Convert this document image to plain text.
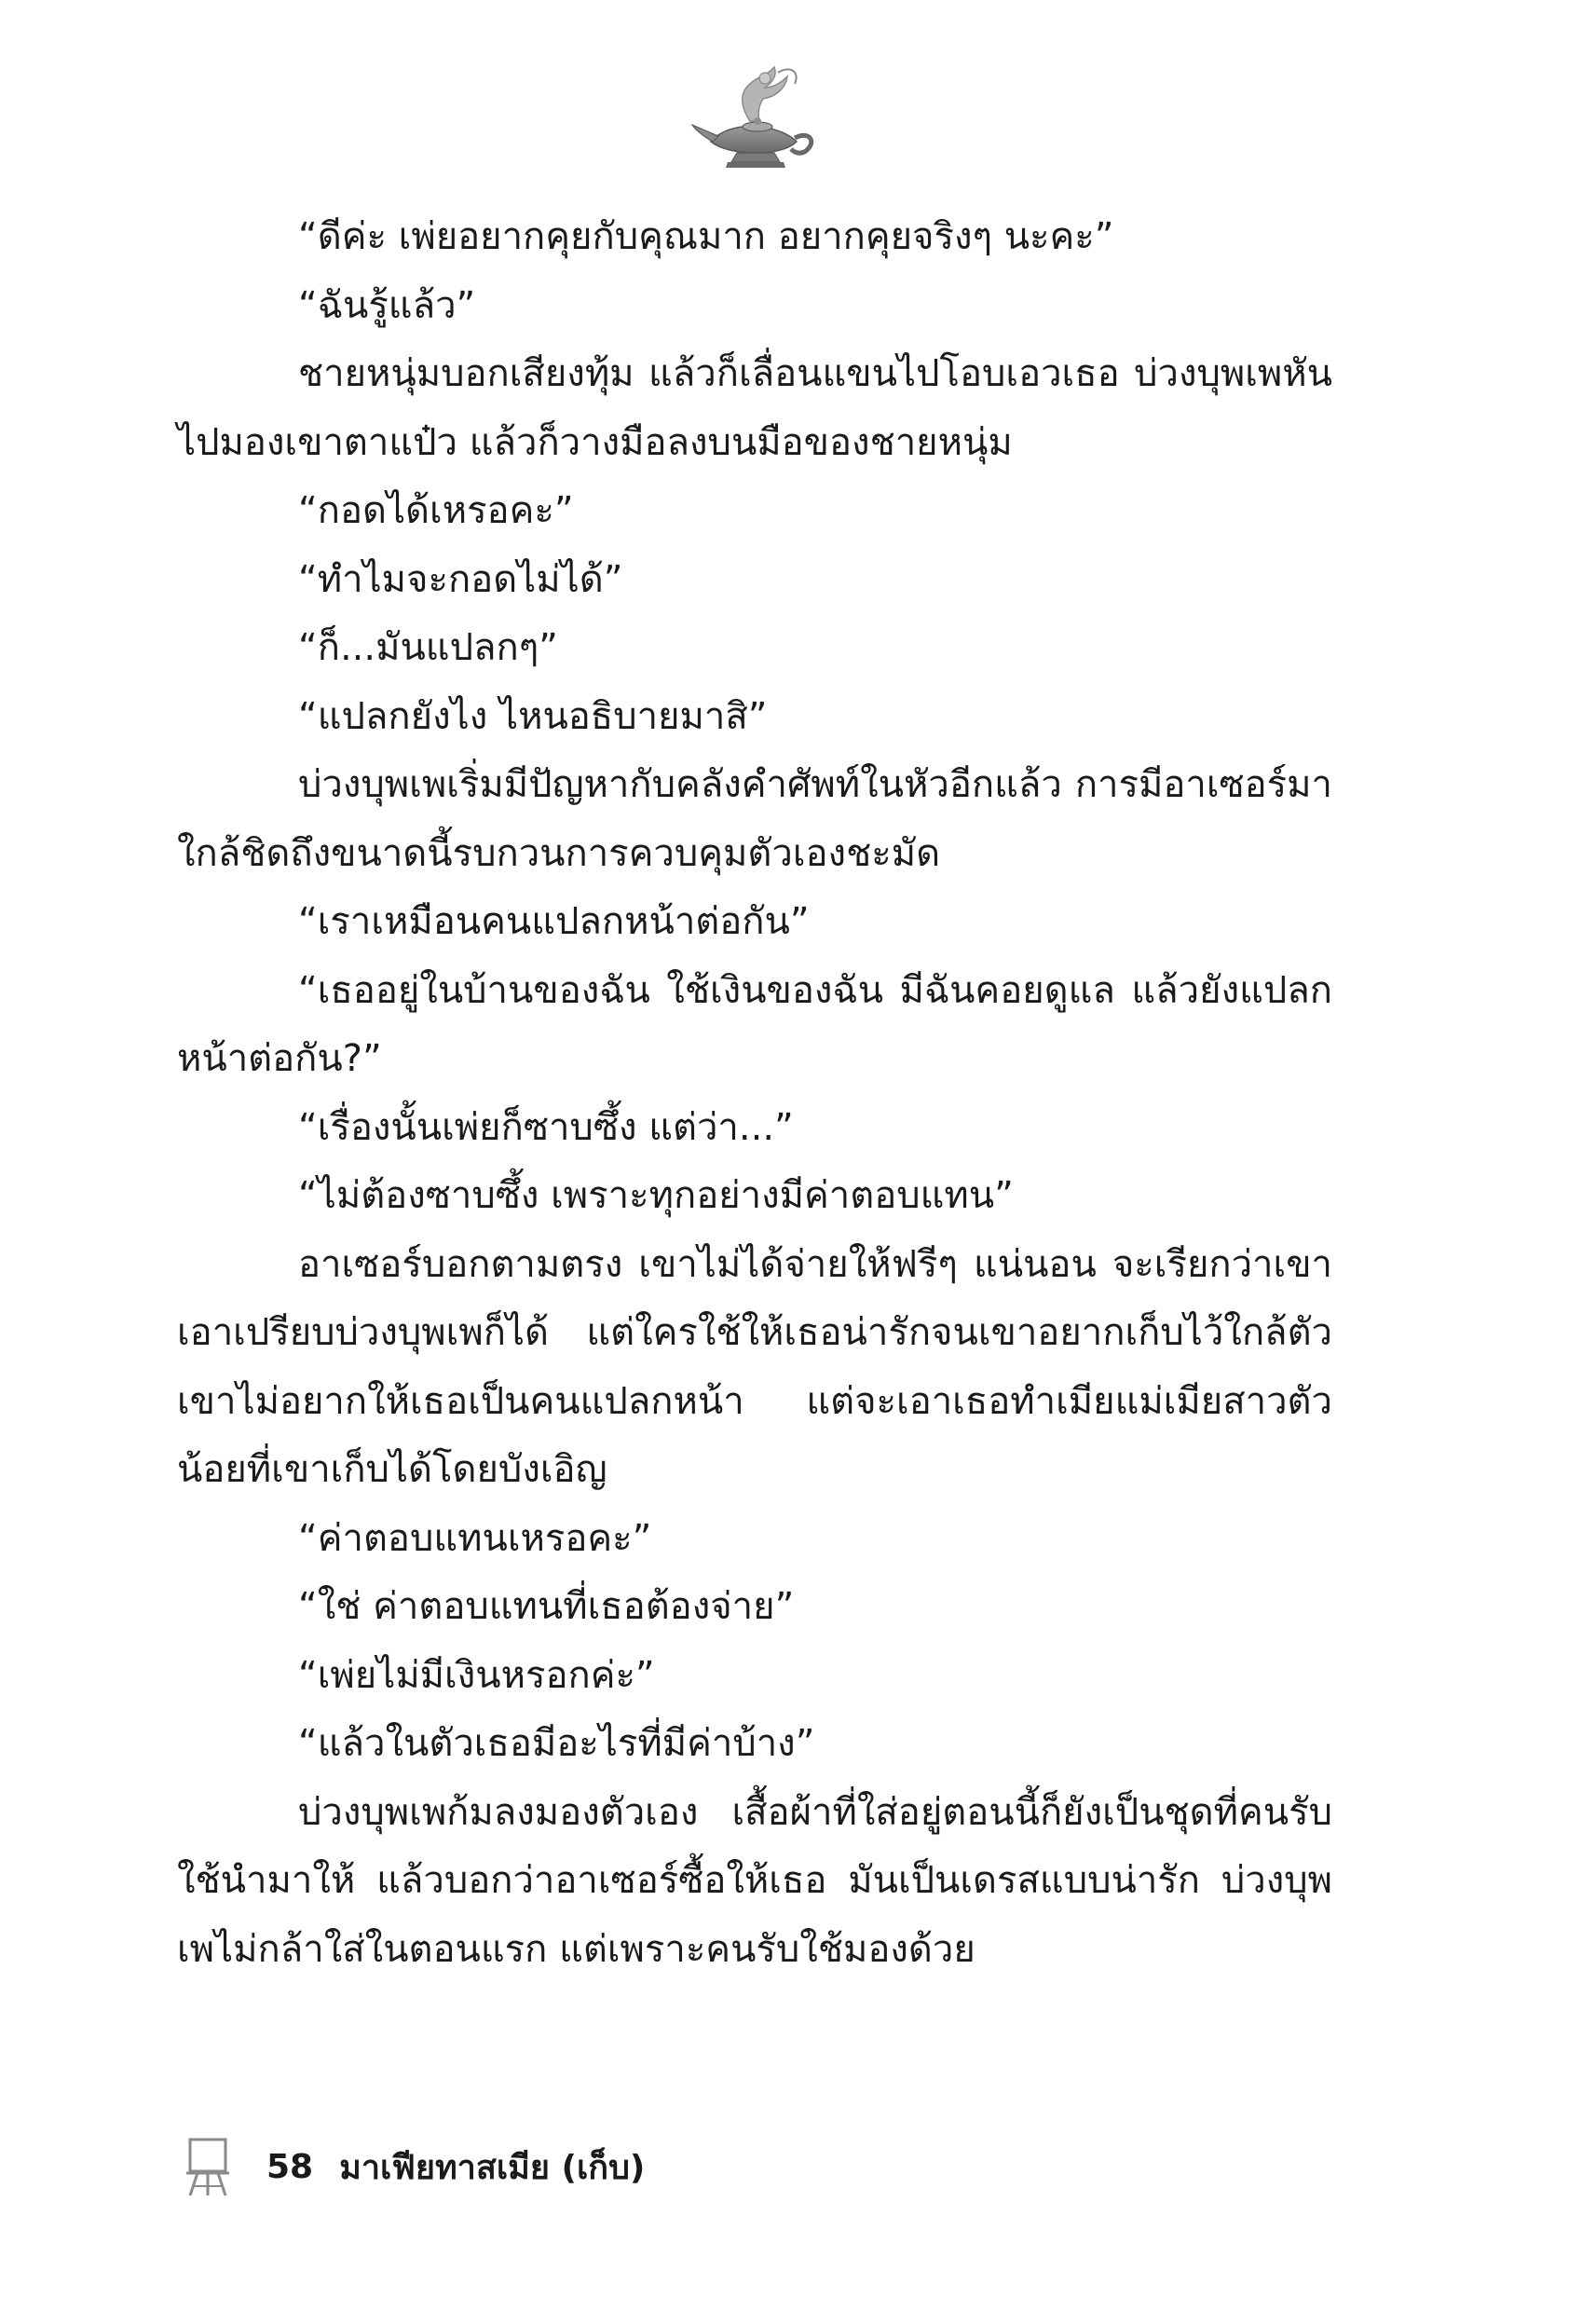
“ดีค่ะ เพ่ยอยากคุยกับคุณมาก อยากคุยจริงๆ นะคะ”

“ฉันรู้แล้ว”

ชายหนุ่มบอกเสียงทุ้ม แล้วก็เลื่อนแขนไปโอบเอวเธอ บ่วงบุพเพหันไปมองเขาตาแป๋ว แล้วก็วางมือลงบนมือของชายหนุ่ม

“กอดได้เหรอคะ”

“ทำไมจะกอดไม่ได้”

“ก็...มันแปลกๆ”

“แปลกยังไง ไหนอธิบายมาสิ”

บ่วงบุพเพเริ่มมีปัญหากับคลังคำศัพท์ในหัวอีกแล้ว การมีอาเซอร์มาใกล้ชิดถึงขนาดนี้รบกวนการควบคุมตัวเองชะมัด

“เราเหมือนคนแปลกหน้าต่อกัน”

“เธออยู่ในบ้านของฉัน ใช้เงินของฉัน มีฉันคอยดูแล แล้วยังแปลกหน้าต่อกัน?”

“เรื่องนั้นเพ่ยก็ซาบซึ้ง แต่ว่า...”

“ไม่ต้องซาบซึ้ง เพราะทุกอย่างมีค่าตอบแทน”

อาเซอร์บอกตามตรง เขาไม่ได้จ่ายให้ฟรีๆ แน่นอน จะเรียกว่าเขาเอาเปรียบบ่วงบุพเพก็ได้ แต่ใครใช้ให้เธอน่ารักจนเขาอยากเก็บไว้ใกล้ตัว เขาไม่อยากให้เธอเป็นคนแปลกหน้า แต่จะเอาเธอทำเมียแม่เมียสาวตัวน้อยที่เขาเก็บได้โดยบังเอิญ

“ค่าตอบแทนเหรอคะ”

“ใช่ ค่าตอบแทนที่เธอต้องจ่าย”

“เพ่ยไม่มีเงินหรอกค่ะ”

“แล้วในตัวเธอมีอะไรที่มีค่าบ้าง”

บ่วงบุพเพก้มลงมองตัวเอง เสื้อผ้าที่ใส่อยู่ตอนนี้ก็ยังเป็นชุดที่คนรับใช้นำมาให้ แล้วบอกว่าอาเซอร์ซื้อให้เธอ มันเป็นเดรสแบบน่ารัก บ่วงบุพเพไม่กล้าใส่ในตอนแรก แต่เพราะคนรับใช้มองด้วย

58 มาเฟียทาสเมีย (เก็บ)
